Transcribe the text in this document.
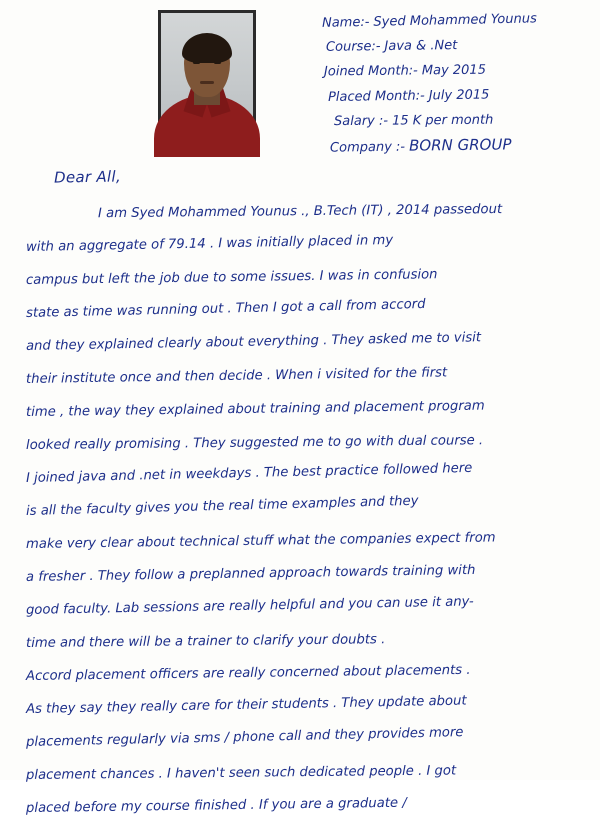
Name:- Syed Mohammed Younus
Course:- Java & .Net
Joined Month:- May 2015
Placed Month:- July 2015
Salary :- 15 K per month
Company :- BORN GROUP
Dear All,
I am Syed Mohammed Younus ., B.Tech (IT) , 2014 passedout
with an aggregate of 79.14 . I was initially placed in my
campus but left the job due to some issues. I was in confusion
state as time was running out . Then I got a call from accord
and they explained clearly about everything . They asked me to visit
their institute once and then decide . When i visited for the first
time , the way they explained about training and placement program
looked really promising . They suggested me to go with dual course .
I joined java and .net in weekdays . The best practice followed here
is all the faculty gives you the real time examples and they
make very clear about technical stuff what the companies expect from
a fresher . They follow a preplanned approach towards training with
good faculty. Lab sessions are really helpful and you can use it any-
time and there will be a trainer to clarify your doubts .
Accord placement officers are really concerned about placements .
As they say they really care for their students . They update about
placements regularly via sms / phone call and they provides more
placement chances . I haven't seen such dedicated people . I got
placed before my course finished . If you are a graduate /
